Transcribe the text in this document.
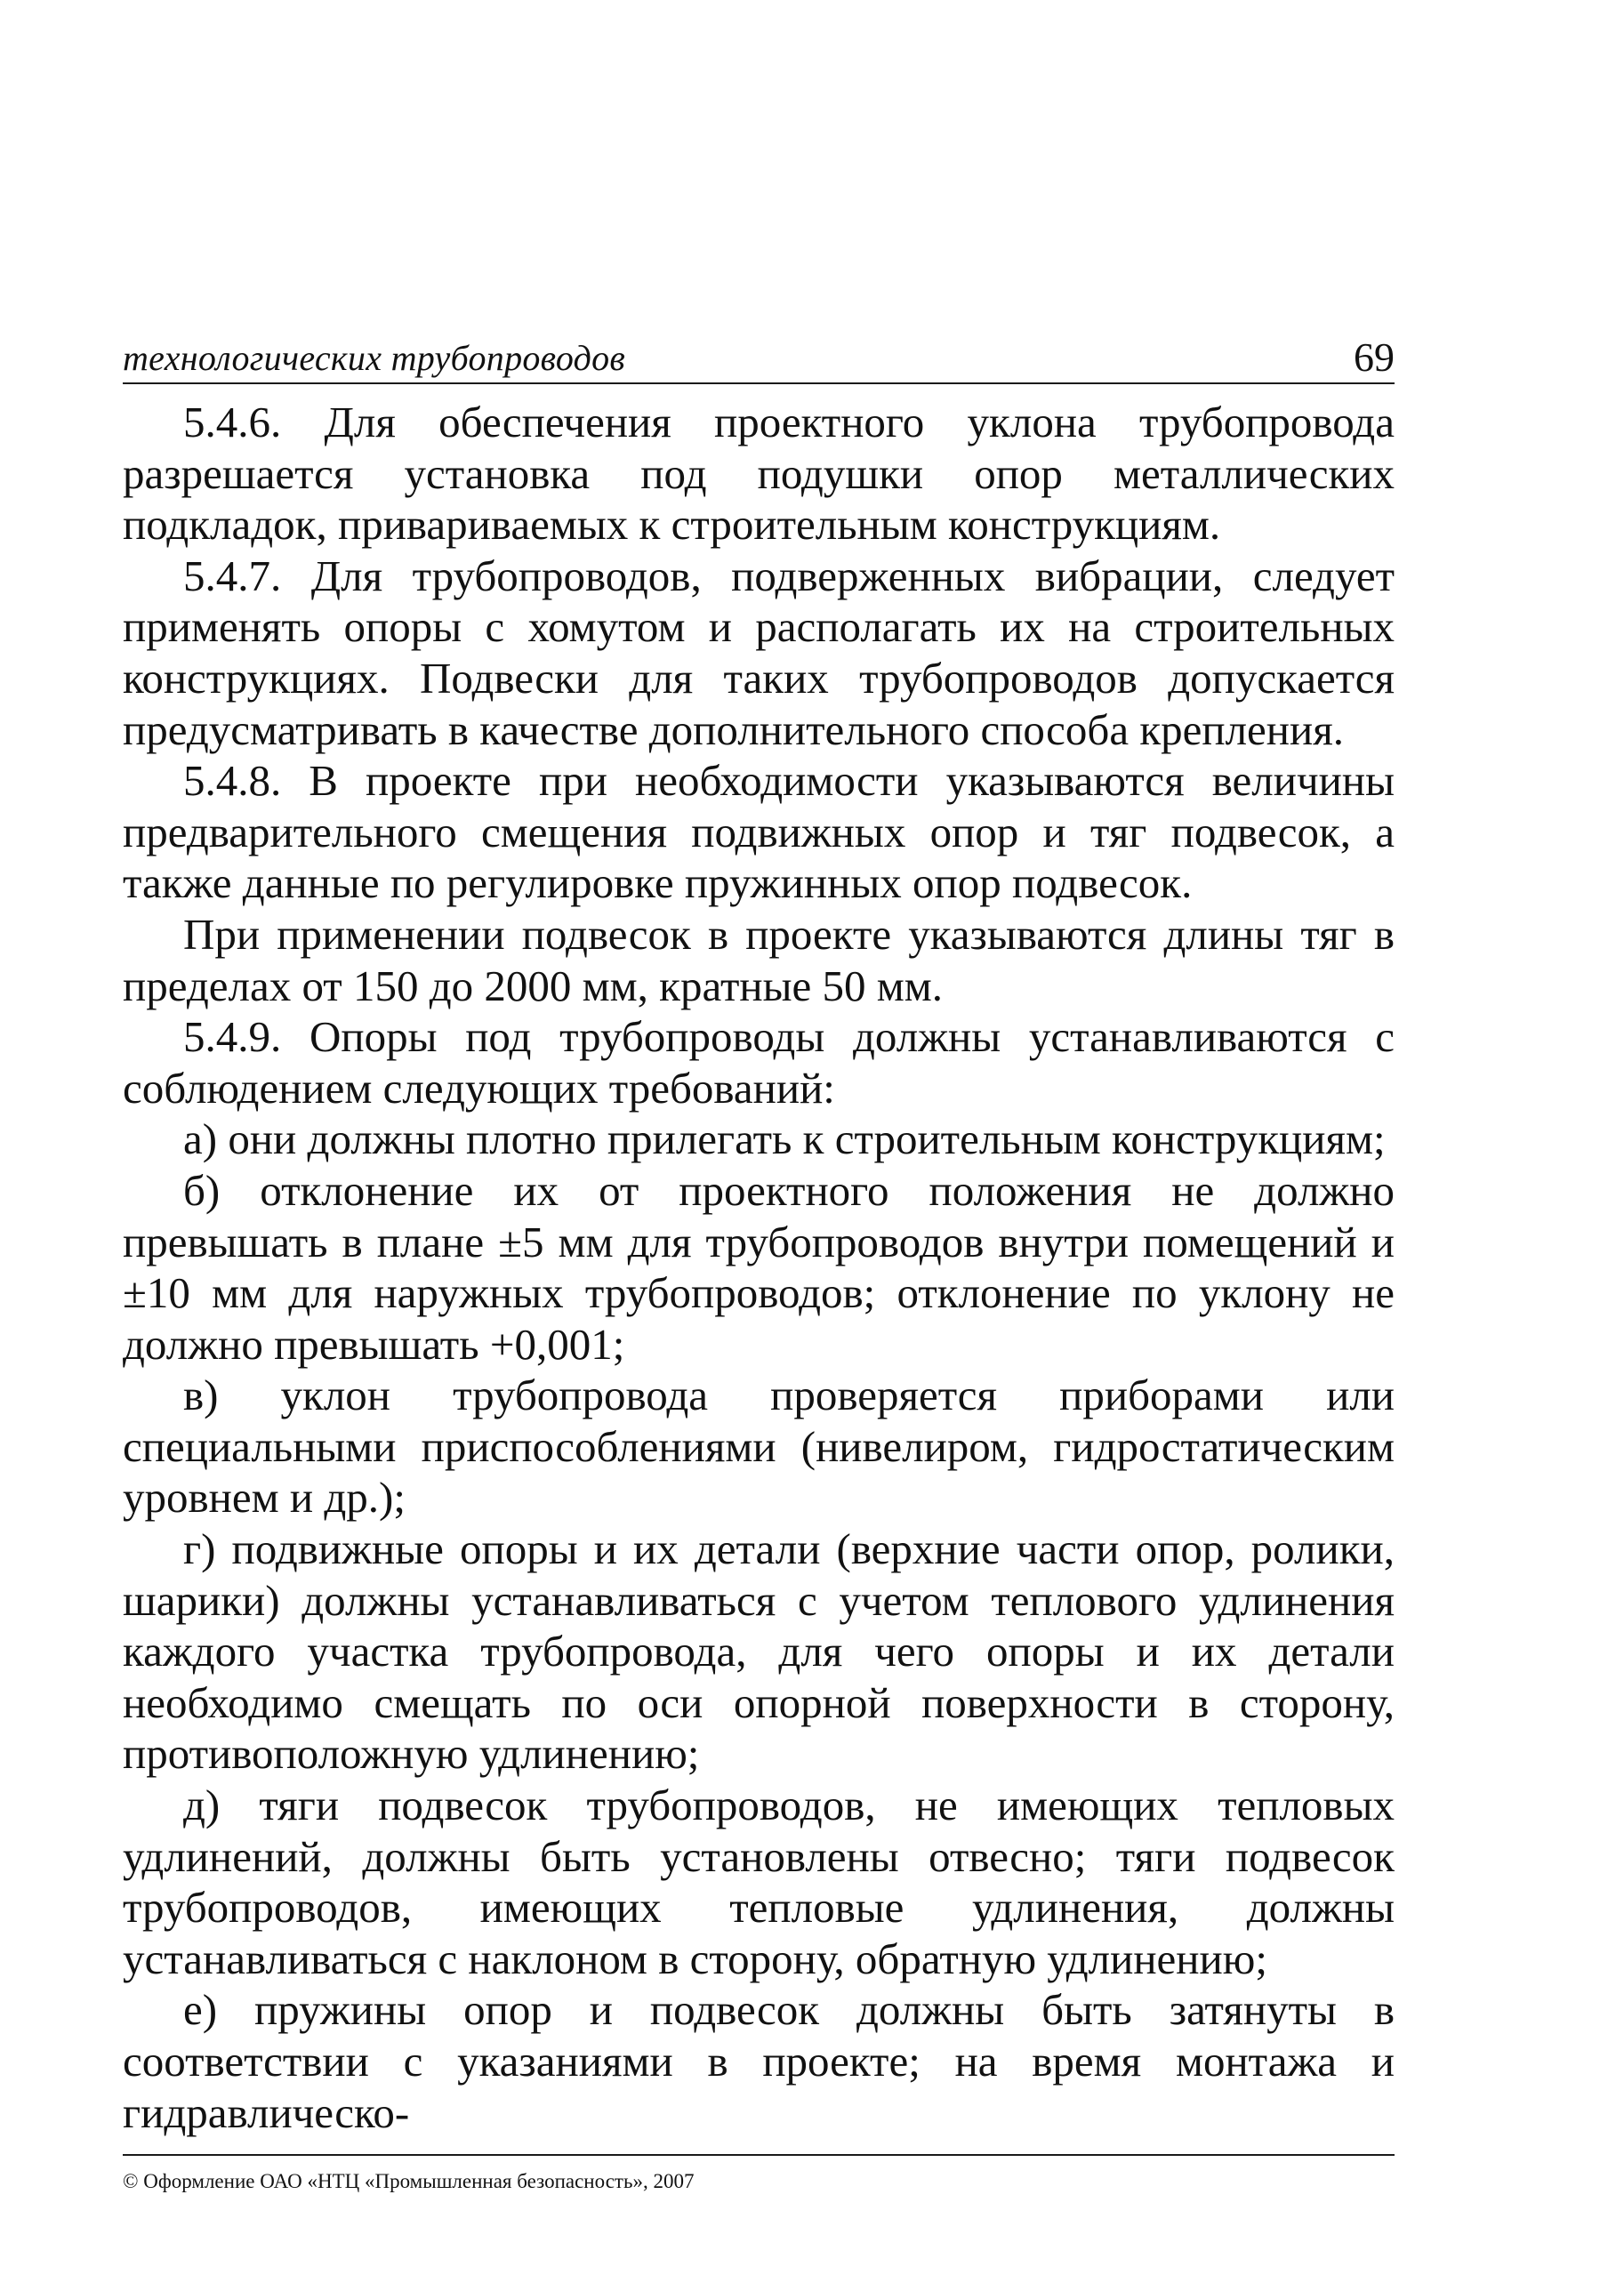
технологических трубопроводов	69

5.4.6. Для обеспечения проектного уклона трубопровода разрешается установка под подушки опор металлических подкладок, привариваемых к строительным конструкциям.

5.4.7. Для трубопроводов, подверженных вибрации, следует применять опоры с хомутом и располагать их на строительных конструкциях. Подвески для таких трубопроводов допускается предусматривать в качестве дополнительного способа крепления.

5.4.8. В проекте при необходимости указываются величины предварительного смещения подвижных опор и тяг подвесок, а также данные по регулировке пружинных опор подвесок.

При применении подвесок в проекте указываются длины тяг в пределах от 150 до 2000 мм, кратные 50 мм.

5.4.9. Опоры под трубопроводы должны устанавливаются с соблюдением следующих требований:

а) они должны плотно прилегать к строительным конструкциям;

б) отклонение их от проектного положения не должно превышать в плане ±5 мм для трубопроводов внутри помещений и ±10 мм для наружных трубопроводов; отклонение по уклону не должно превышать +0,001;

в) уклон трубопровода проверяется приборами или специальными приспособлениями (нивелиром, гидростатическим уровнем и др.);

г) подвижные опоры и их детали (верхние части опор, ролики, шарики) должны устанавливаться с учетом теплового удлинения каждого участка трубопровода, для чего опоры и их детали необходимо смещать по оси опорной поверхности в сторону, противоположную удлинению;

д) тяги подвесок трубопроводов, не имеющих тепловых удлинений, должны быть установлены отвесно; тяги подвесок трубопроводов, имеющих тепловые удлинения, должны устанавливаться с наклоном в сторону, обратную удлинению;

е) пружины опор и подвесок должны быть затянуты в соответствии с указаниями в проекте; на время монтажа и гидравлическо-

© Оформление ОАО «НТЦ «Промышленная безопасность», 2007
